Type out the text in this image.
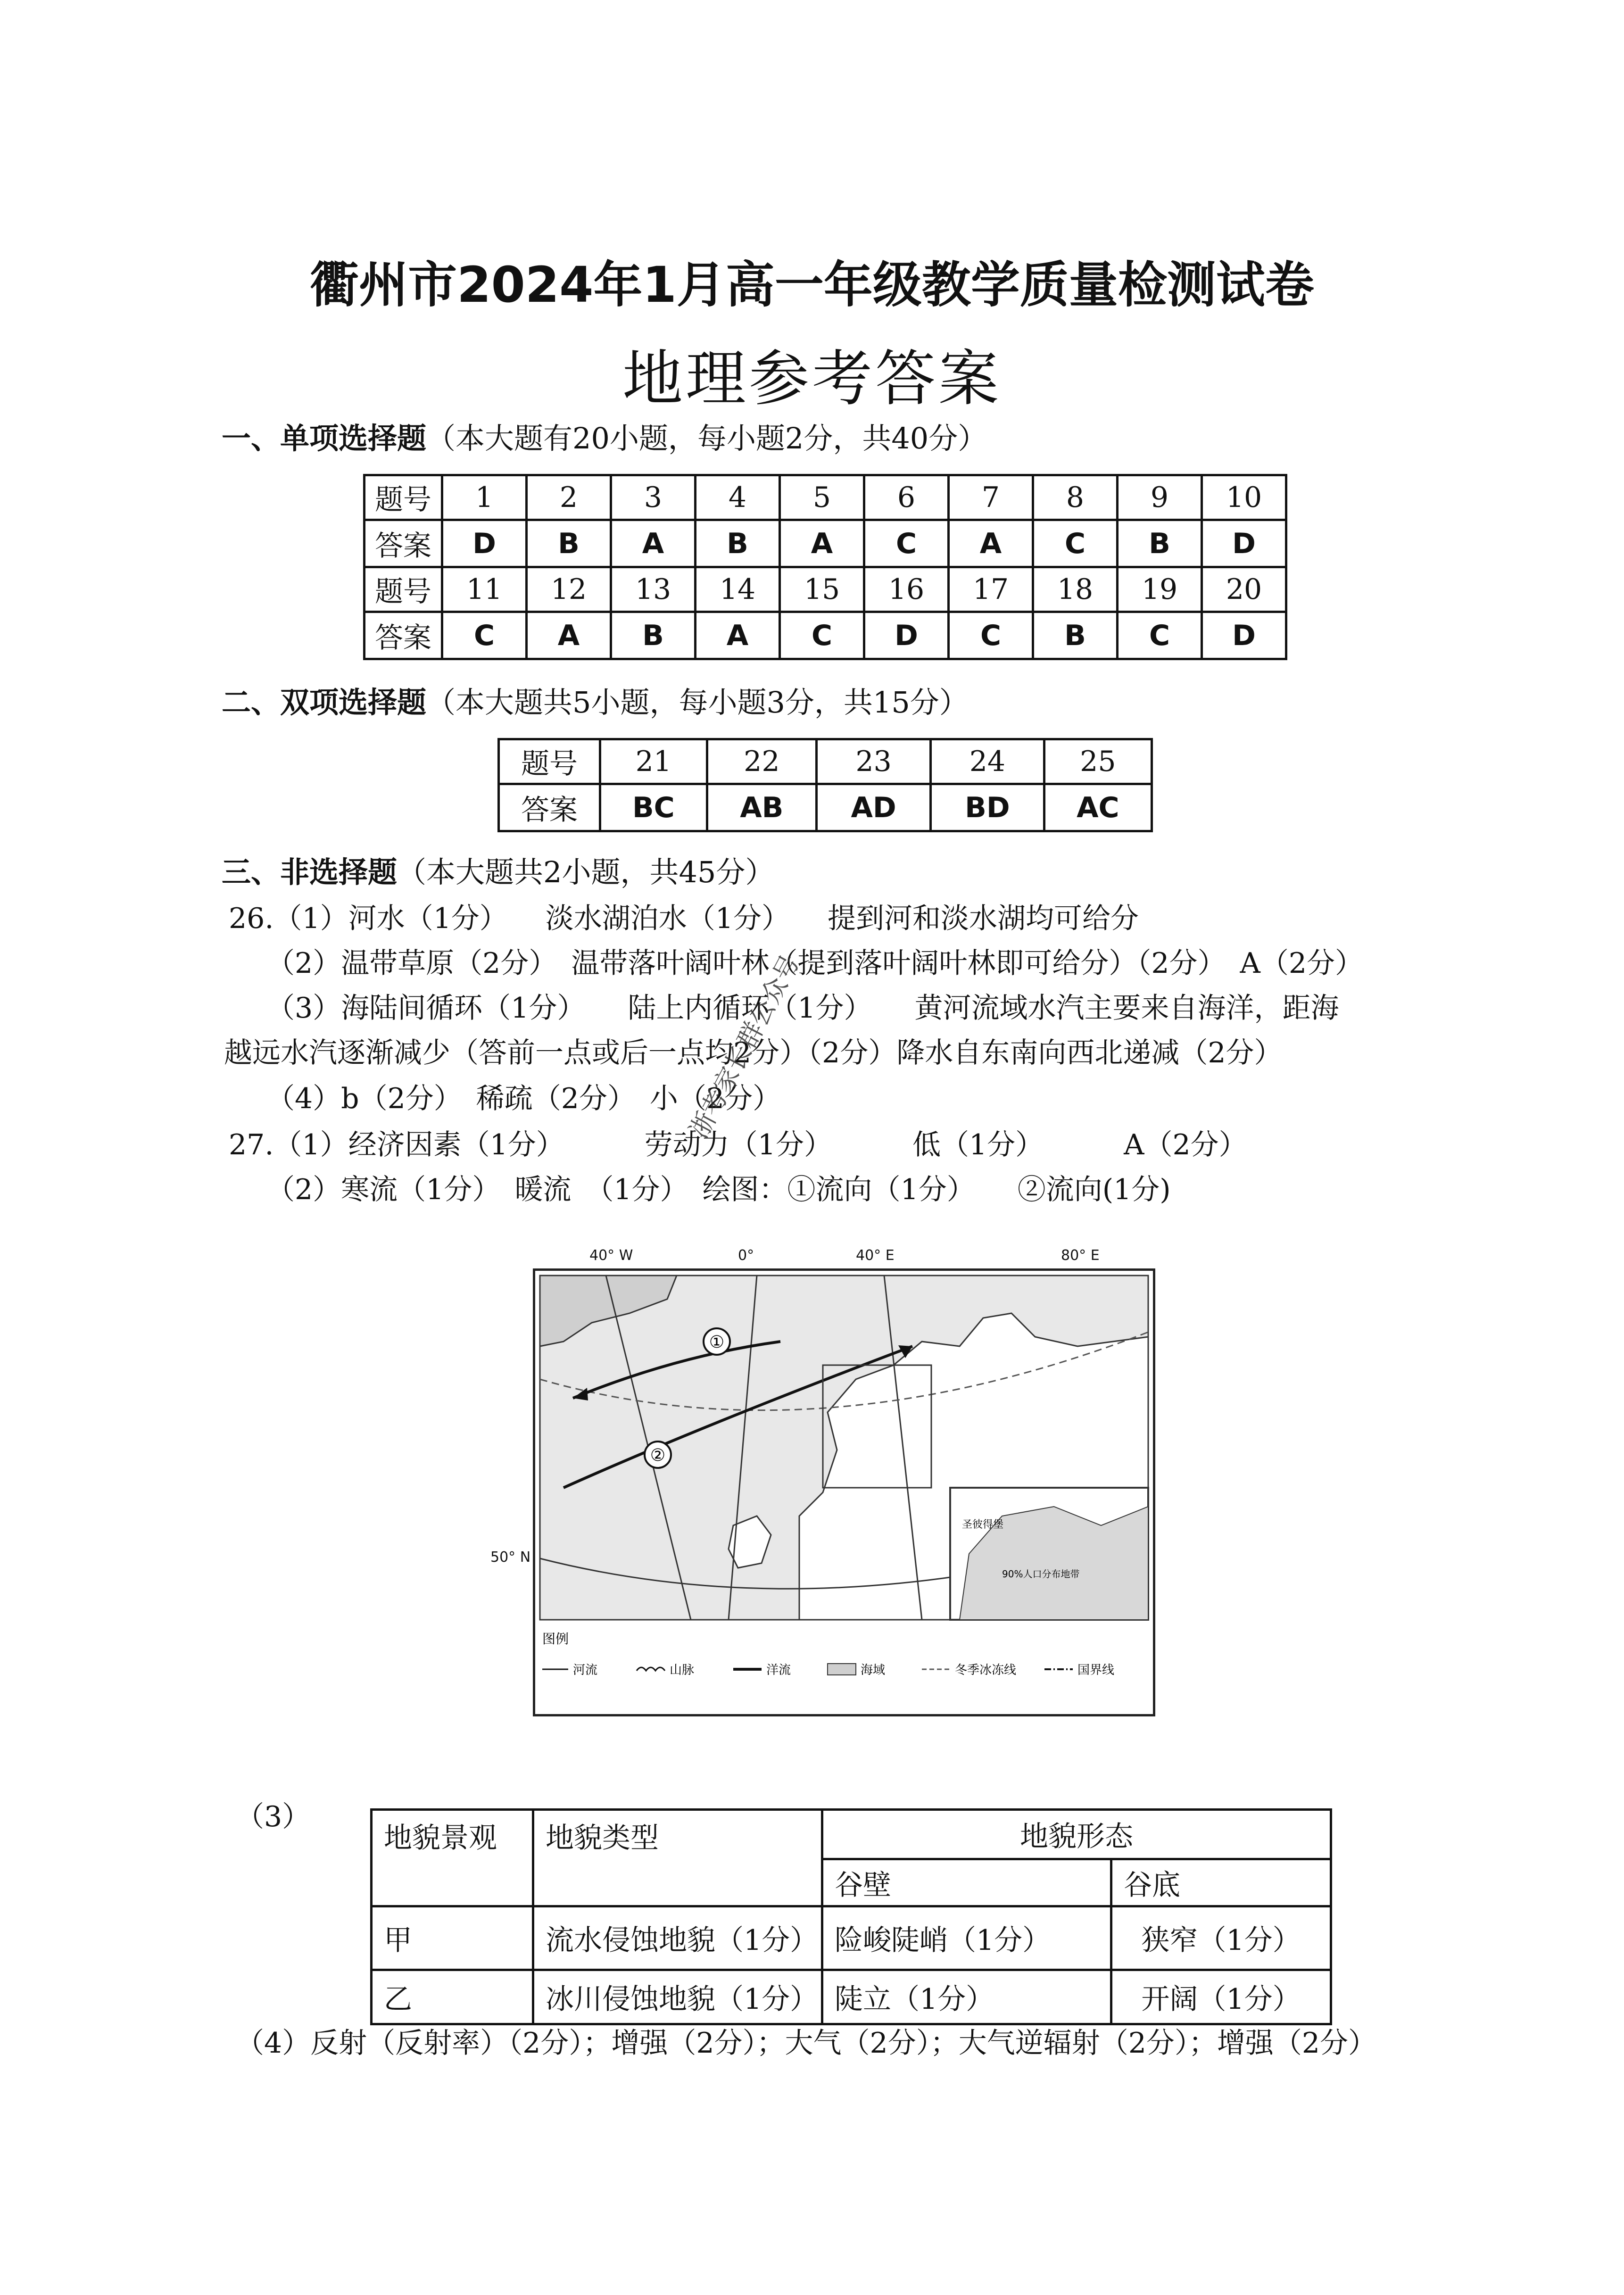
衢州市2024年1月高一年级教学质量检测试卷
地理参考答案
一、单项选择题（本大题有20小题，每小题2分，共40分）
题号	1	2	3	4	5	6	7	8	9	10
答案	D	B	A	B	A	C	A	C	B	D
题号	11	12	13	14	15	16	17	18	19	20
答案	C	A	B	A	C	D	C	B	C	D
二、双项选择题（本大题共5小题，每小题3分，共15分）
题号	21	22	23	24	25
答案	BC	AB	AD	BD	AC
三、非选择题（本大题共2小题，共45分）
26.（1）河水（1分） 淡水湖泊水（1分） 提到河和淡水湖均可给分
（2）温带草原（2分）　温带落叶阔叶林（提到落叶阔叶林即可给分）（2分）　A（2分）
（3）海陆间循环（1分）　　陆上内循环（1分）　　黄河流域水汽主要来自海洋，距海
越远水汽逐渐减少（答前一点或后一点均2分）（2分）降水自东南向西北递减（2分）
（4）b（2分）　稀疏（2分）　小（2分）
27.（1）经济因素（1分）	劳动力（1分）	低（1分）	A（2分）
（2）寒流（1分）　暖流　（1分）　绘图：①流向（1分）　　②流向(1分)
浙考家长群公众号
①
②
圣彼得堡
90%人口分布地带
图例
河流	山脉	洋流	海域	冬季冰冻线	国界线
40° W	0°	40° E	80° E
50° N
（3）
地貌景观	地貌类型	地貌形态	
		谷壁	谷底
甲	流水侵蚀地貌（1分）	险峻陡峭（1分）	狭窄（1分）
乙	冰川侵蚀地貌（1分）	陡立（1分）	开阔（1分）
（4）反射（反射率）（2分）；增强（2分）；大气（2分）；大气逆辐射（2分）；增强（2分）
